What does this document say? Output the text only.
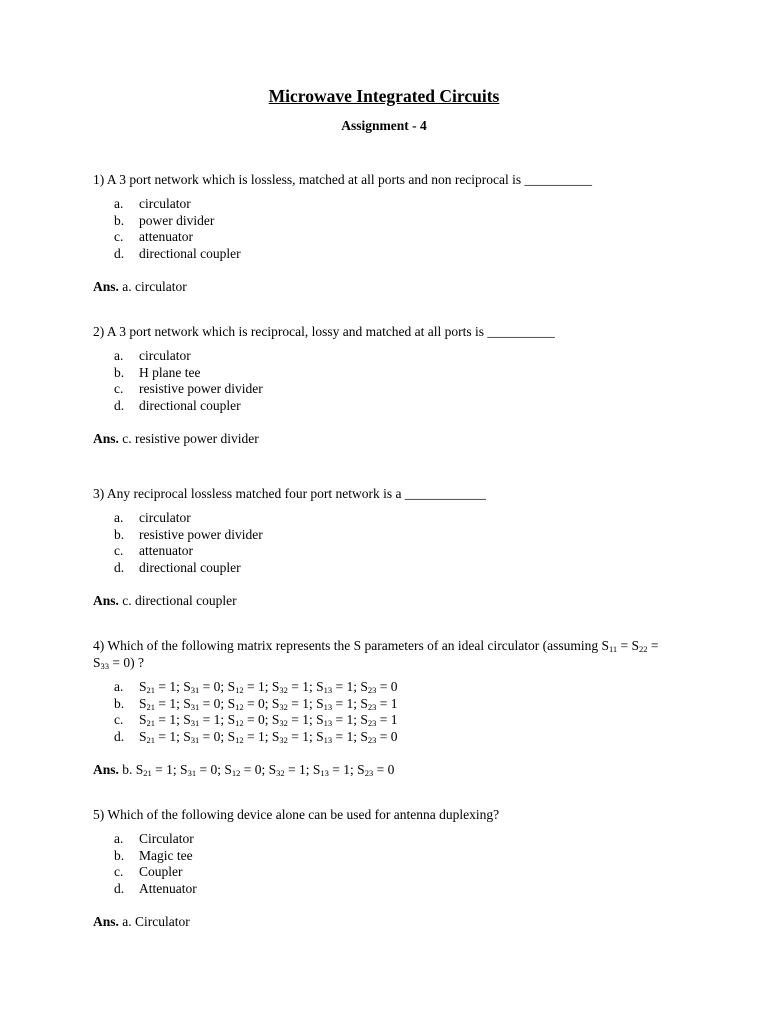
Microwave Integrated Circuits
Assignment - 4
1) A 3 port network which is lossless, matched at all ports and non reciprocal is __________
a. circulator
b. power divider
c. attenuator
d. directional coupler
Ans. a. circulator
2) A 3 port network which is reciprocal, lossy and matched at all ports is __________
a. circulator
b. H plane tee
c. resistive power divider
d. directional coupler
Ans. c. resistive power divider
3) Any reciprocal lossless matched four port network is a ____________
a. circulator
b. resistive power divider
c. attenuator
d. directional coupler
Ans. c. directional coupler
4) Which of the following matrix represents the S parameters of an ideal circulator (assuming $S_{11} = S_{22} = S_{33} = 0$) ?
a. $S_{21} = 1$; $S_{31} = 0$; $S_{12} = 1$; $S_{32} = 1$; $S_{13} = 1$; $S_{23} = 0$
b. $S_{21} = 1$; $S_{31} = 0$; $S_{12} = 0$; $S_{32} = 1$; $S_{13} = 1$; $S_{23} = 1$
c. $S_{21} = 1$; $S_{31} = 1$; $S_{12} = 0$; $S_{32} = 1$; $S_{13} = 1$; $S_{23} = 1$
d. $S_{21} = 1$; $S_{31} = 0$; $S_{12} = 1$; $S_{32} = 1$; $S_{13} = 1$; $S_{23} = 0$
Ans. b. $S_{21} = 1$; $S_{31} = 0$; $S_{12} = 0$; $S_{32} = 1$; $S_{13} = 1$; $S_{23} = 0$
5) Which of the following device alone can be used for antenna duplexing?
a. Circulator
b. Magic tee
c. Coupler
d. Attenuator
Ans. a. Circulator
